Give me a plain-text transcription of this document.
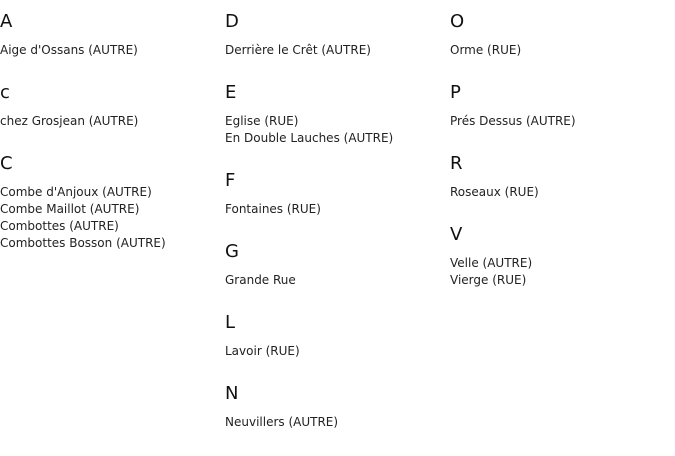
A
Aige d'Ossans (AUTRE)
c
chez Grosjean (AUTRE)
C
Combe d'Anjoux (AUTRE)
Combe Maillot (AUTRE)
Combottes (AUTRE)
Combottes Bosson (AUTRE)
D
Derrière le Crêt (AUTRE)
E
Eglise (RUE)
En Double Lauches (AUTRE)
F
Fontaines (RUE)
G
Grande Rue
L
Lavoir (RUE)
N
Neuvillers (AUTRE)
O
Orme (RUE)
P
Prés Dessus (AUTRE)
R
Roseaux (RUE)
V
Velle (AUTRE)
Vierge (RUE)
